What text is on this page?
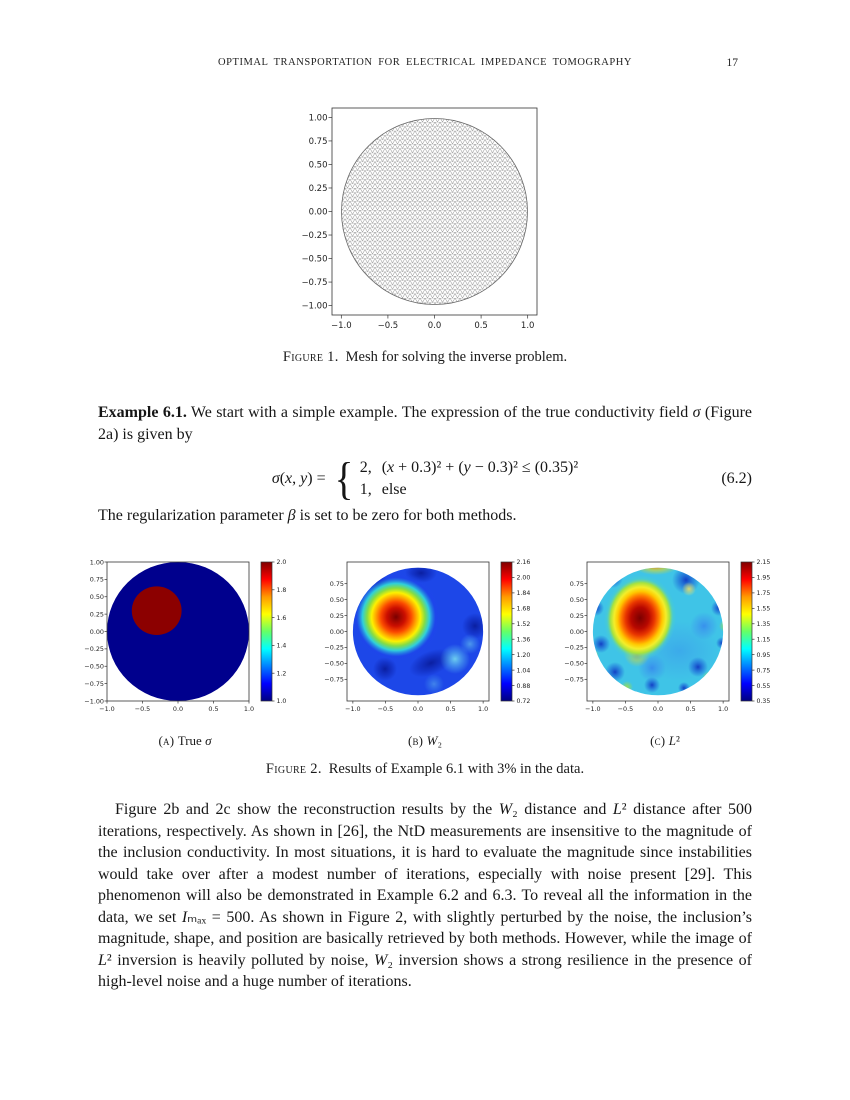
OPTIMAL TRANSPORTATION FOR ELECTRICAL IMPEDANCE TOMOGRAPHY	17
−1.0	−0.5	0.0	0.5	1.0
1.00
0.75
0.50
0.25
0.00
−0.25
−0.50
−0.75
−1.00
Figure 1. Mesh for solving the inverse problem.
Example 6.1. We start with a simple example. The expression of the true conductivity field σ (Figure 2a) is given by
σ(x, y) = { 2, (x + 0.3)² + (y − 0.3)² ≤ (0.35)²
1, else
(6.2)
The regularization parameter β is set to be zero for both methods.
−1.0	−0.5	0.0	0.5	1.0
1.00
0.75
0.50
0.25
0.00
−0.25
−0.50
−0.75
−1.00
2.0
1.8
1.6
1.4
1.2
1.0
(a) True σ
−1.0	−0.5	0.0	0.5	1.0
0.75
0.50
0.25
0.00
−0.25
−0.50
−0.75
2.16
2.00
1.84
1.68
1.52
1.36
1.20
1.04
0.88
0.72
(b) W₂
−1.0	−0.5	0.0	0.5	1.0
0.75
0.50
0.25
0.00
−0.25
−0.50
−0.75
2.15
1.95
1.75
1.55
1.35
1.15
0.95
0.75
0.55
0.35
(c) L²
Figure 2. Results of Example 6.1 with 3% in the data.
Figure 2b and 2c show the reconstruction results by the W₂ distance and L² distance after 500 iterations, respectively. As shown in [26], the NtD measurements are insensitive to the magnitude of the inclusion conductivity. In most situations, it is hard to evaluate the magnitude since instabilities would take over after a modest number of iterations, especially with noise present [29]. This phenomenon will also be demonstrated in Example 6.2 and 6.3. To reveal all the information in the data, we set Iₘₐₓ = 500. As shown in Figure 2, with slightly perturbed by the noise, the inclusion’s magnitude, shape, and position are basically retrieved by both methods. However, while the image of L² inversion is heavily polluted by noise, W₂ inversion shows a strong resilience in the presence of high-level noise and a huge number of iterations.
